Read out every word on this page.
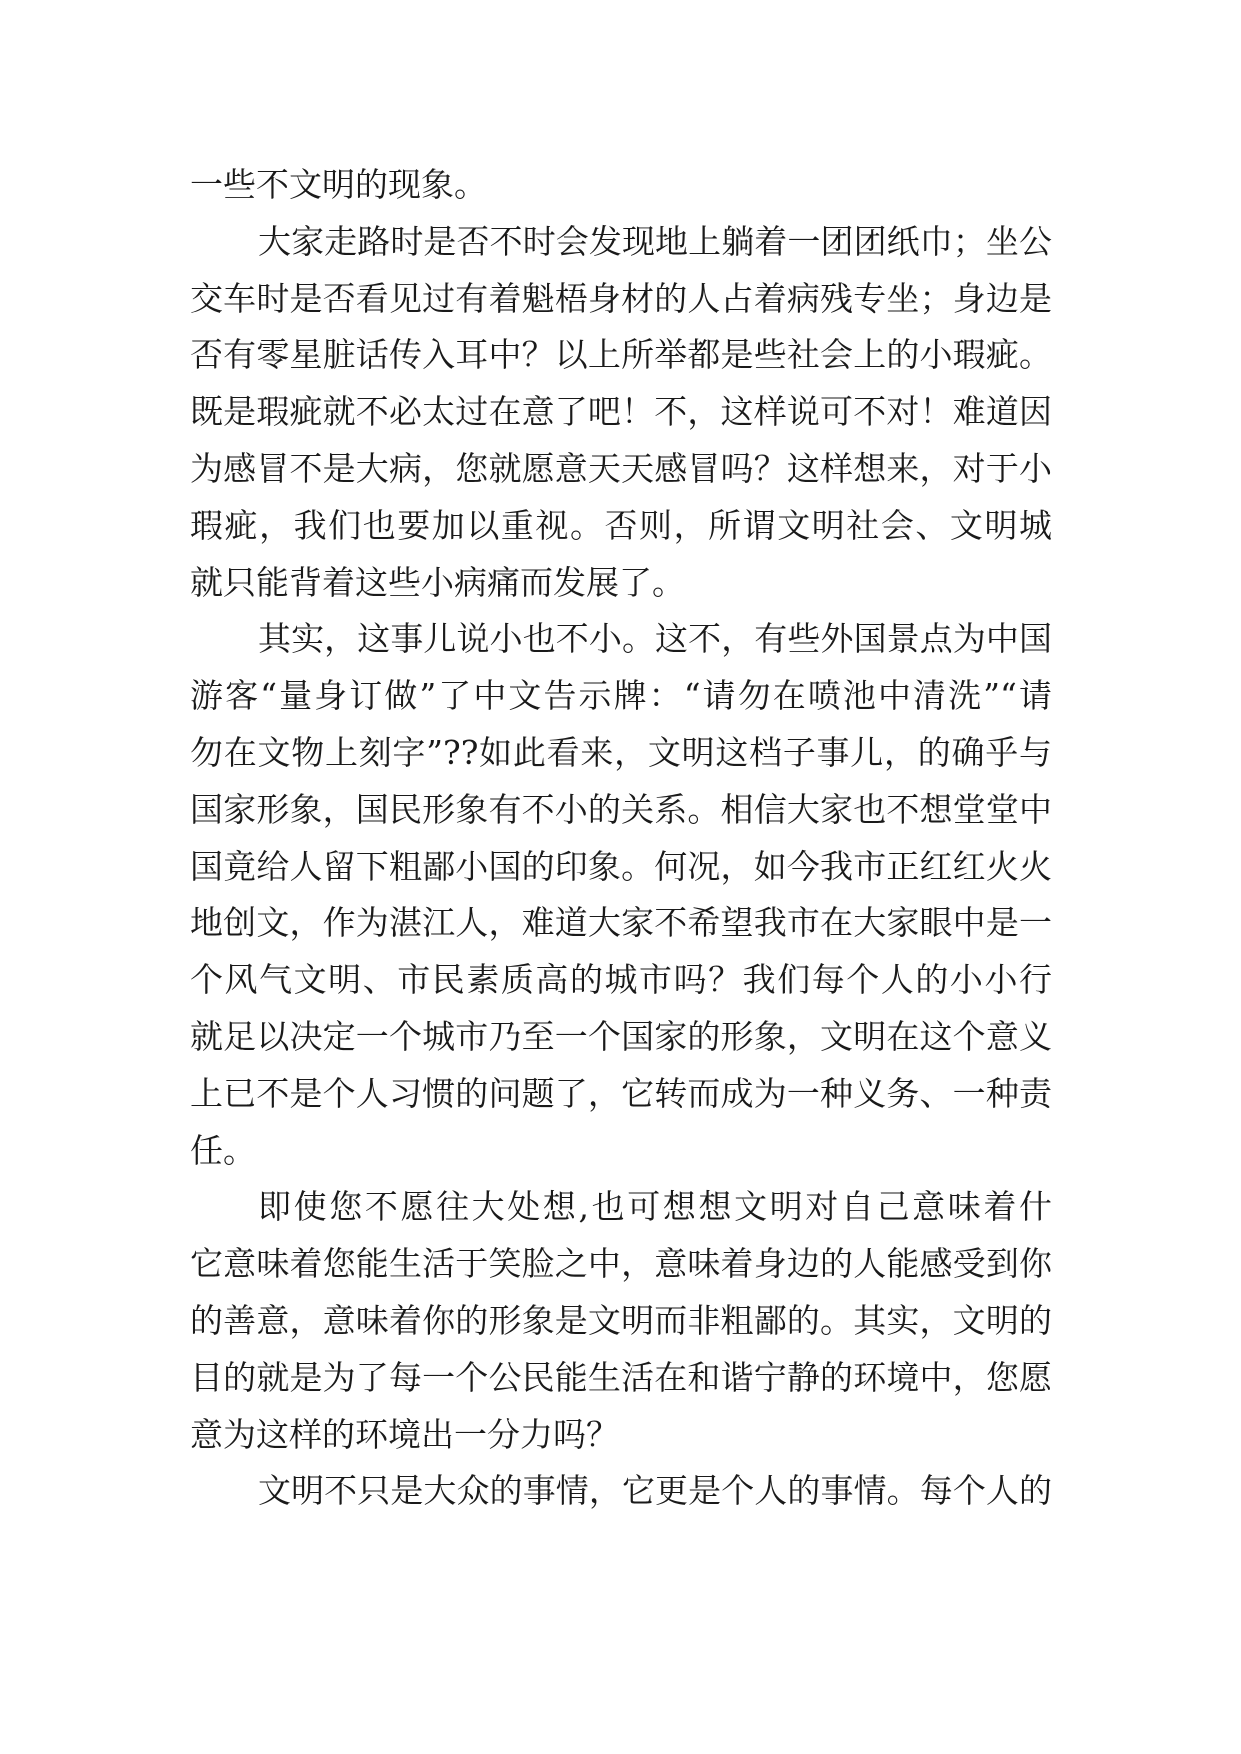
一些不文明的现象。
大家走路时是否不时会发现地上躺着一团团纸巾；坐公
交车时是否看见过有着魁梧身材的人占着病残专坐；身边是
否有零星脏话传入耳中？以上所举都是些社会上的小瑕疵。
既是瑕疵就不必太过在意了吧！不，这样说可不对！难道因
为感冒不是大病，您就愿意天天感冒吗？这样想来，对于小
瑕疵，我们也要加以重视。否则，所谓文明社会、文明城
就只能背着这些小病痛而发展了。
其实，这事儿说小也不小。这不，有些外国景点为中国
游客“量身订做”了中文告示牌：“请勿在喷池中清洗”“请
勿在文物上刻字”??如此看来，文明这档子事儿，的确乎与
国家形象，国民形象有不小的关系。相信大家也不想堂堂中
国竟给人留下粗鄙小国的印象。何况，如今我市正红红火火
地创文，作为湛江人，难道大家不希望我市在大家眼中是一
个风气文明、市民素质高的城市吗？我们每个人的小小行
就足以决定一个城市乃至一个国家的形象，文明在这个意义
上已不是个人习惯的问题了，它转而成为一种义务、一种责
任。
即使您不愿往大处想,也可想想文明对自己意味着什
它意味着您能生活于笑脸之中，意味着身边的人能感受到你
的善意，意味着你的形象是文明而非粗鄙的。其实，文明的
目的就是为了每一个公民能生活在和谐宁静的环境中，您愿
意为这样的环境出一分力吗？
文明不只是大众的事情，它更是个人的事情。每个人的
